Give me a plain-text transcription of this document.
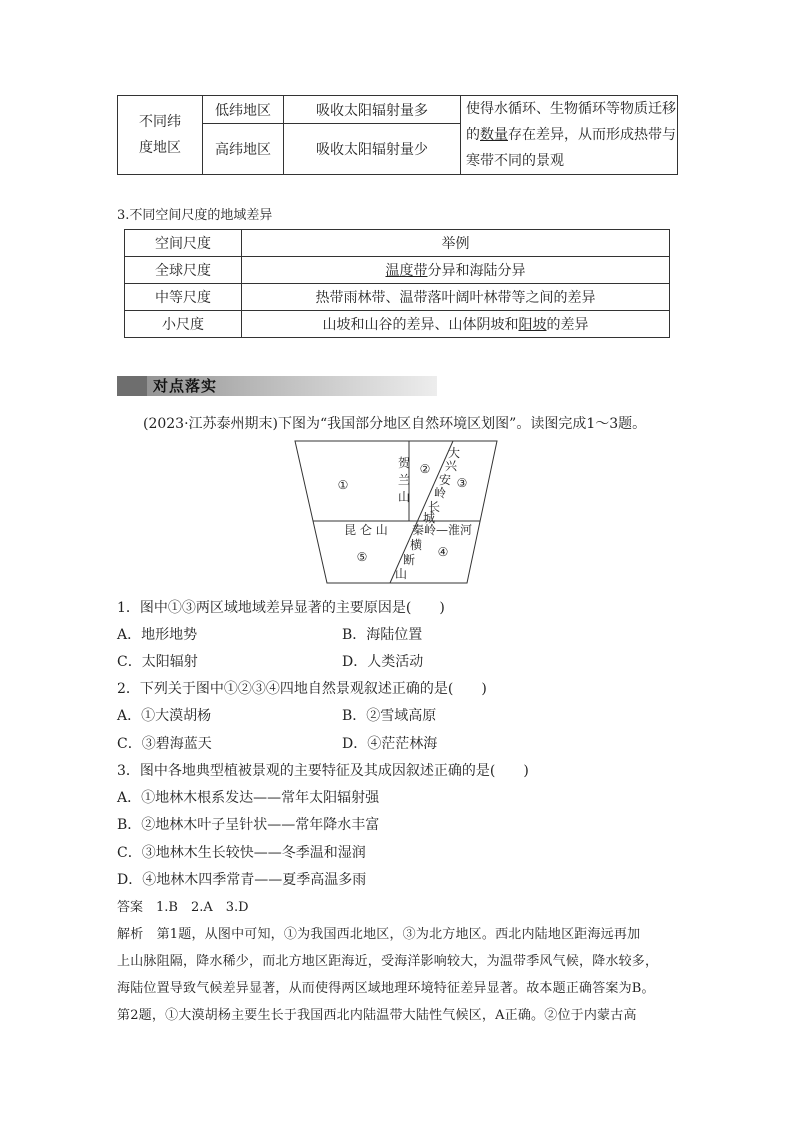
不同纬
度地区	低纬地区	吸收太阳辐射量多	使得水循环、生物循环等物质迁移
的数量存在差异，从而形成热带与
寒带不同的景观
	高纬地区	吸收太阳辐射量少	
3.不同空间尺度的地域差异
空间尺度	举例
全球尺度	温度带分异和海陆分异
中等尺度	热带雨林带、温带落叶阔叶林带等之间的差异
小尺度	山坡和山谷的差异、山体阴坡和阳坡的差异
对点落实
(2023·江苏泰州期末)下图为“我国部分地区自然环境区划图”。读图完成1～3题。
①
②
③
④
⑤
贺
兰
山
大
兴
安
岭
长
城
昆 仑 山 秦岭—淮河
横
断
山
1．图中①③两区域地域差异显著的主要原因是(　　)
A．地形地势	B．海陆位置
C．太阳辐射	D．人类活动
2．下列关于图中①②③④四地自然景观叙述正确的是(　　)
A．①大漠胡杨	B．②雪域高原
C．③碧海蓝天	D．④茫茫林海
3．图中各地典型植被景观的主要特征及其成因叙述正确的是(　　)
A．①地林木根系发达——常年太阳辐射强
B．②地林木叶子呈针状——常年降水丰富
C．③地林木生长较快——冬季温和湿润
D．④地林木四季常青——夏季高温多雨
答案　1.B　2.A　3.D
解析　第1题，从图中可知，①为我国西北地区，③为北方地区。西北内陆地区距海远再加
上山脉阻隔，降水稀少，而北方地区距海近，受海洋影响较大，为温带季风气候，降水较多，
海陆位置导致气候差异显著，从而使得两区域地理环境特征差异显著。故本题正确答案为B。
第2题，①大漠胡杨主要生长于我国西北内陆温带大陆性气候区，A正确。②位于内蒙古高
